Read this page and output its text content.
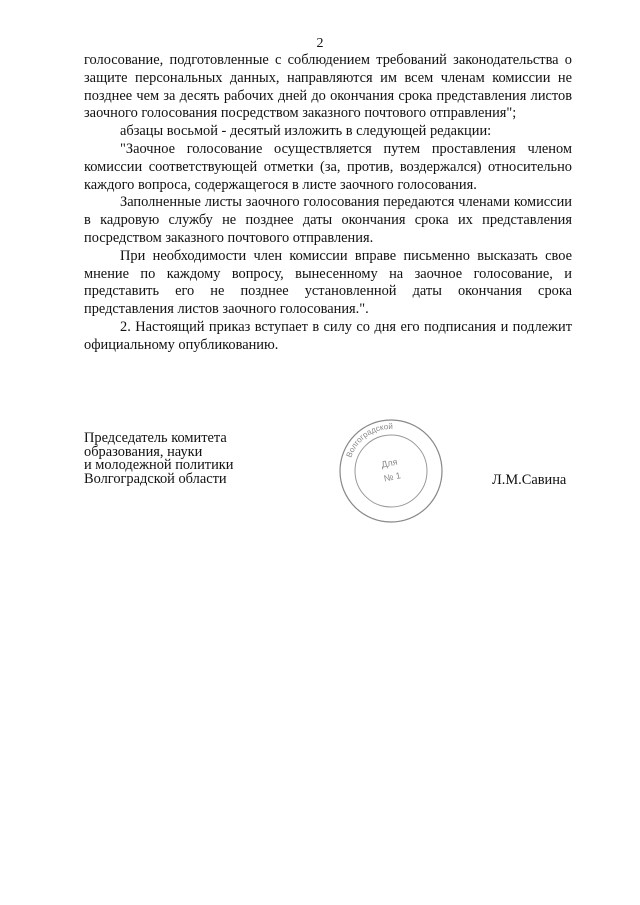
2

голосование, подготовленные с соблюдением требований законодательства о защите персональных данных, направляются им всем членам комиссии не позднее чем за десять рабочих дней до окончания срока представления листов заочного голосования посредством заказного почтового отправления";

абзацы восьмой - десятый изложить в следующей редакции:

"Заочное голосование осуществляется путем проставления членом комиссии соответствующей отметки (за, против, воздержался) относительно каждого вопроса, содержащегося в листе заочного голосования.

Заполненные листы заочного голосования передаются членами комиссии в кадровую службу не позднее даты окончания срока их представления посредством заказного почтового отправления.

При необходимости член комиссии вправе письменно высказать свое мнение по каждому вопросу, вынесенному на заочное голосование, и представить его не позднее установленной даты окончания срока представления листов заочного голосования.".

2. Настоящий приказ вступает в силу со дня его подписания и подлежит официальному опубликованию.

Председатель комитета
образования, науки
и молодежной политики
Волгоградской области
Волгоградской
Для
№ 1	Л.М.Савина
